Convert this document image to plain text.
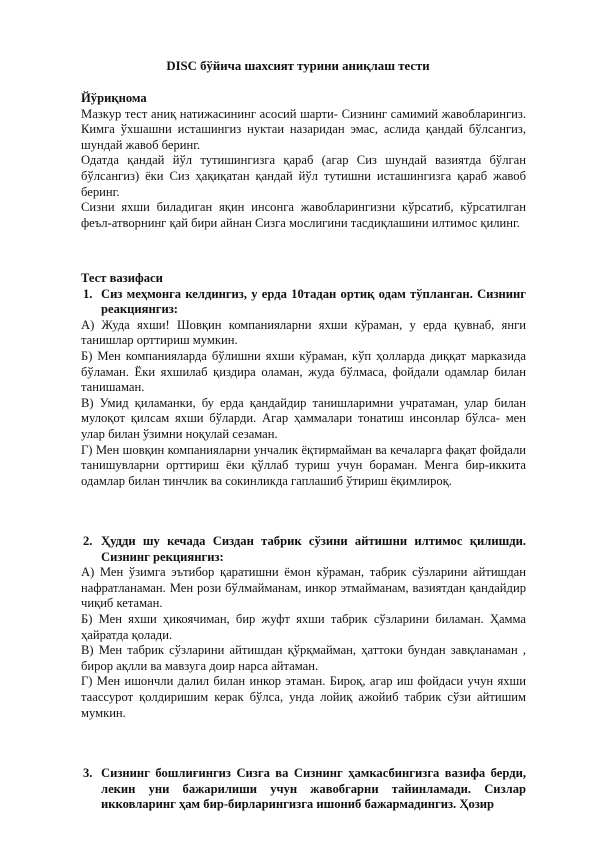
DISC бўйича шахсият турини аниқлаш тести

Йўриқнома

Мазкур тест аниқ натижасининг асосий шарти- Сизнинг самимий жавобларингиз. Кимга ўхшашни исташингиз нуктаи назаридан эмас, аслида қандай бўлсангиз, шундай жавоб беринг.

Одатда қандай йўл тутишингизга қараб (агар Сиз шундай вазиятда бўлган бўлсангиз) ёки Сиз ҳақиқатан қандай йўл тутишни исташингизга қараб жавоб беринг.

Сизни яхши биладиган яқин инсонга жавобларингизни кўрсатиб, кўрсатилган феъл-атворнинг қай бири айнан Сизга мослигини тасдиқлашини илтимос қилинг.

Тест вазифаси

1. Сиз меҳмонга келдингиз, у ерда 10тадан ортиқ одам тўпланган. Сизнинг реакциянгиз:

А) Жуда яхши! Шовқин компанияларни яхши кўраман, у ерда қувнаб, янги танишлар орттириш мумкин.

Б) Мен компанияларда бўлишни яхши кўраман, кўп ҳолларда диққат марказида бўламан. Ёки яхшилаб қиздира оламан, жуда бўлмаса, фойдали одамлар билан танишаман.

В) Умид қиламанки, бу ерда қандайдир танишларимни учратаман, улар билан мулоқот қилсам яхши бўларди. Агар ҳаммалари тонатиш инсонлар бўлса- мен улар билан ўзимни ноқулай сезаман.

Г) Мен шовқин компанияларни унчалик ёқтирмайман ва кечаларга фақат фойдали танишувларни орттириш ёки қўллаб туриш учун бораман. Менга бир-иккита одамлар билан тинчлик ва сокинликда гаплашиб ўтириш ёқимлироқ.

2. Ҳудди шу кечада Сиздан табрик сўзини айтишни илтимос қилишди. Сизнинг рекциянгиз:

А) Мен ўзимга эътибор қаратишни ёмон кўраман, табрик сўзларини айтишдан нафратланаман. Мен рози бўлмайманам, инкор этмайманам, вазиятдан қандайдир чиқиб кетаман.

Б) Мен яхши ҳикоячиман, бир жуфт яхши табрик сўзларини биламан. Ҳамма ҳайратда қолади.

В) Мен табрик сўзларини айтишдан қўрқмайман, ҳаттоки бундан завқланаман , бирор ақлли ва мавзуга доир нарса айтаман.

Г) Мен ишончли далил билан инкор этаман. Бироқ, агар иш фойдаси учун яхши таассурот қолдиришим керак бўлса, унда лойиқ ажойиб табрик сўзи айтишим мумкин.

3. Сизнинг бошлиғингиз Сизга ва Сизнинг ҳамкасбингизга вазифа берди, лекин уни бажарилиши учун жавобгарни тайинламади. Сизлар икковларинг ҳам бир-бирларингизга ишониб бажармадингиз. Ҳозир
